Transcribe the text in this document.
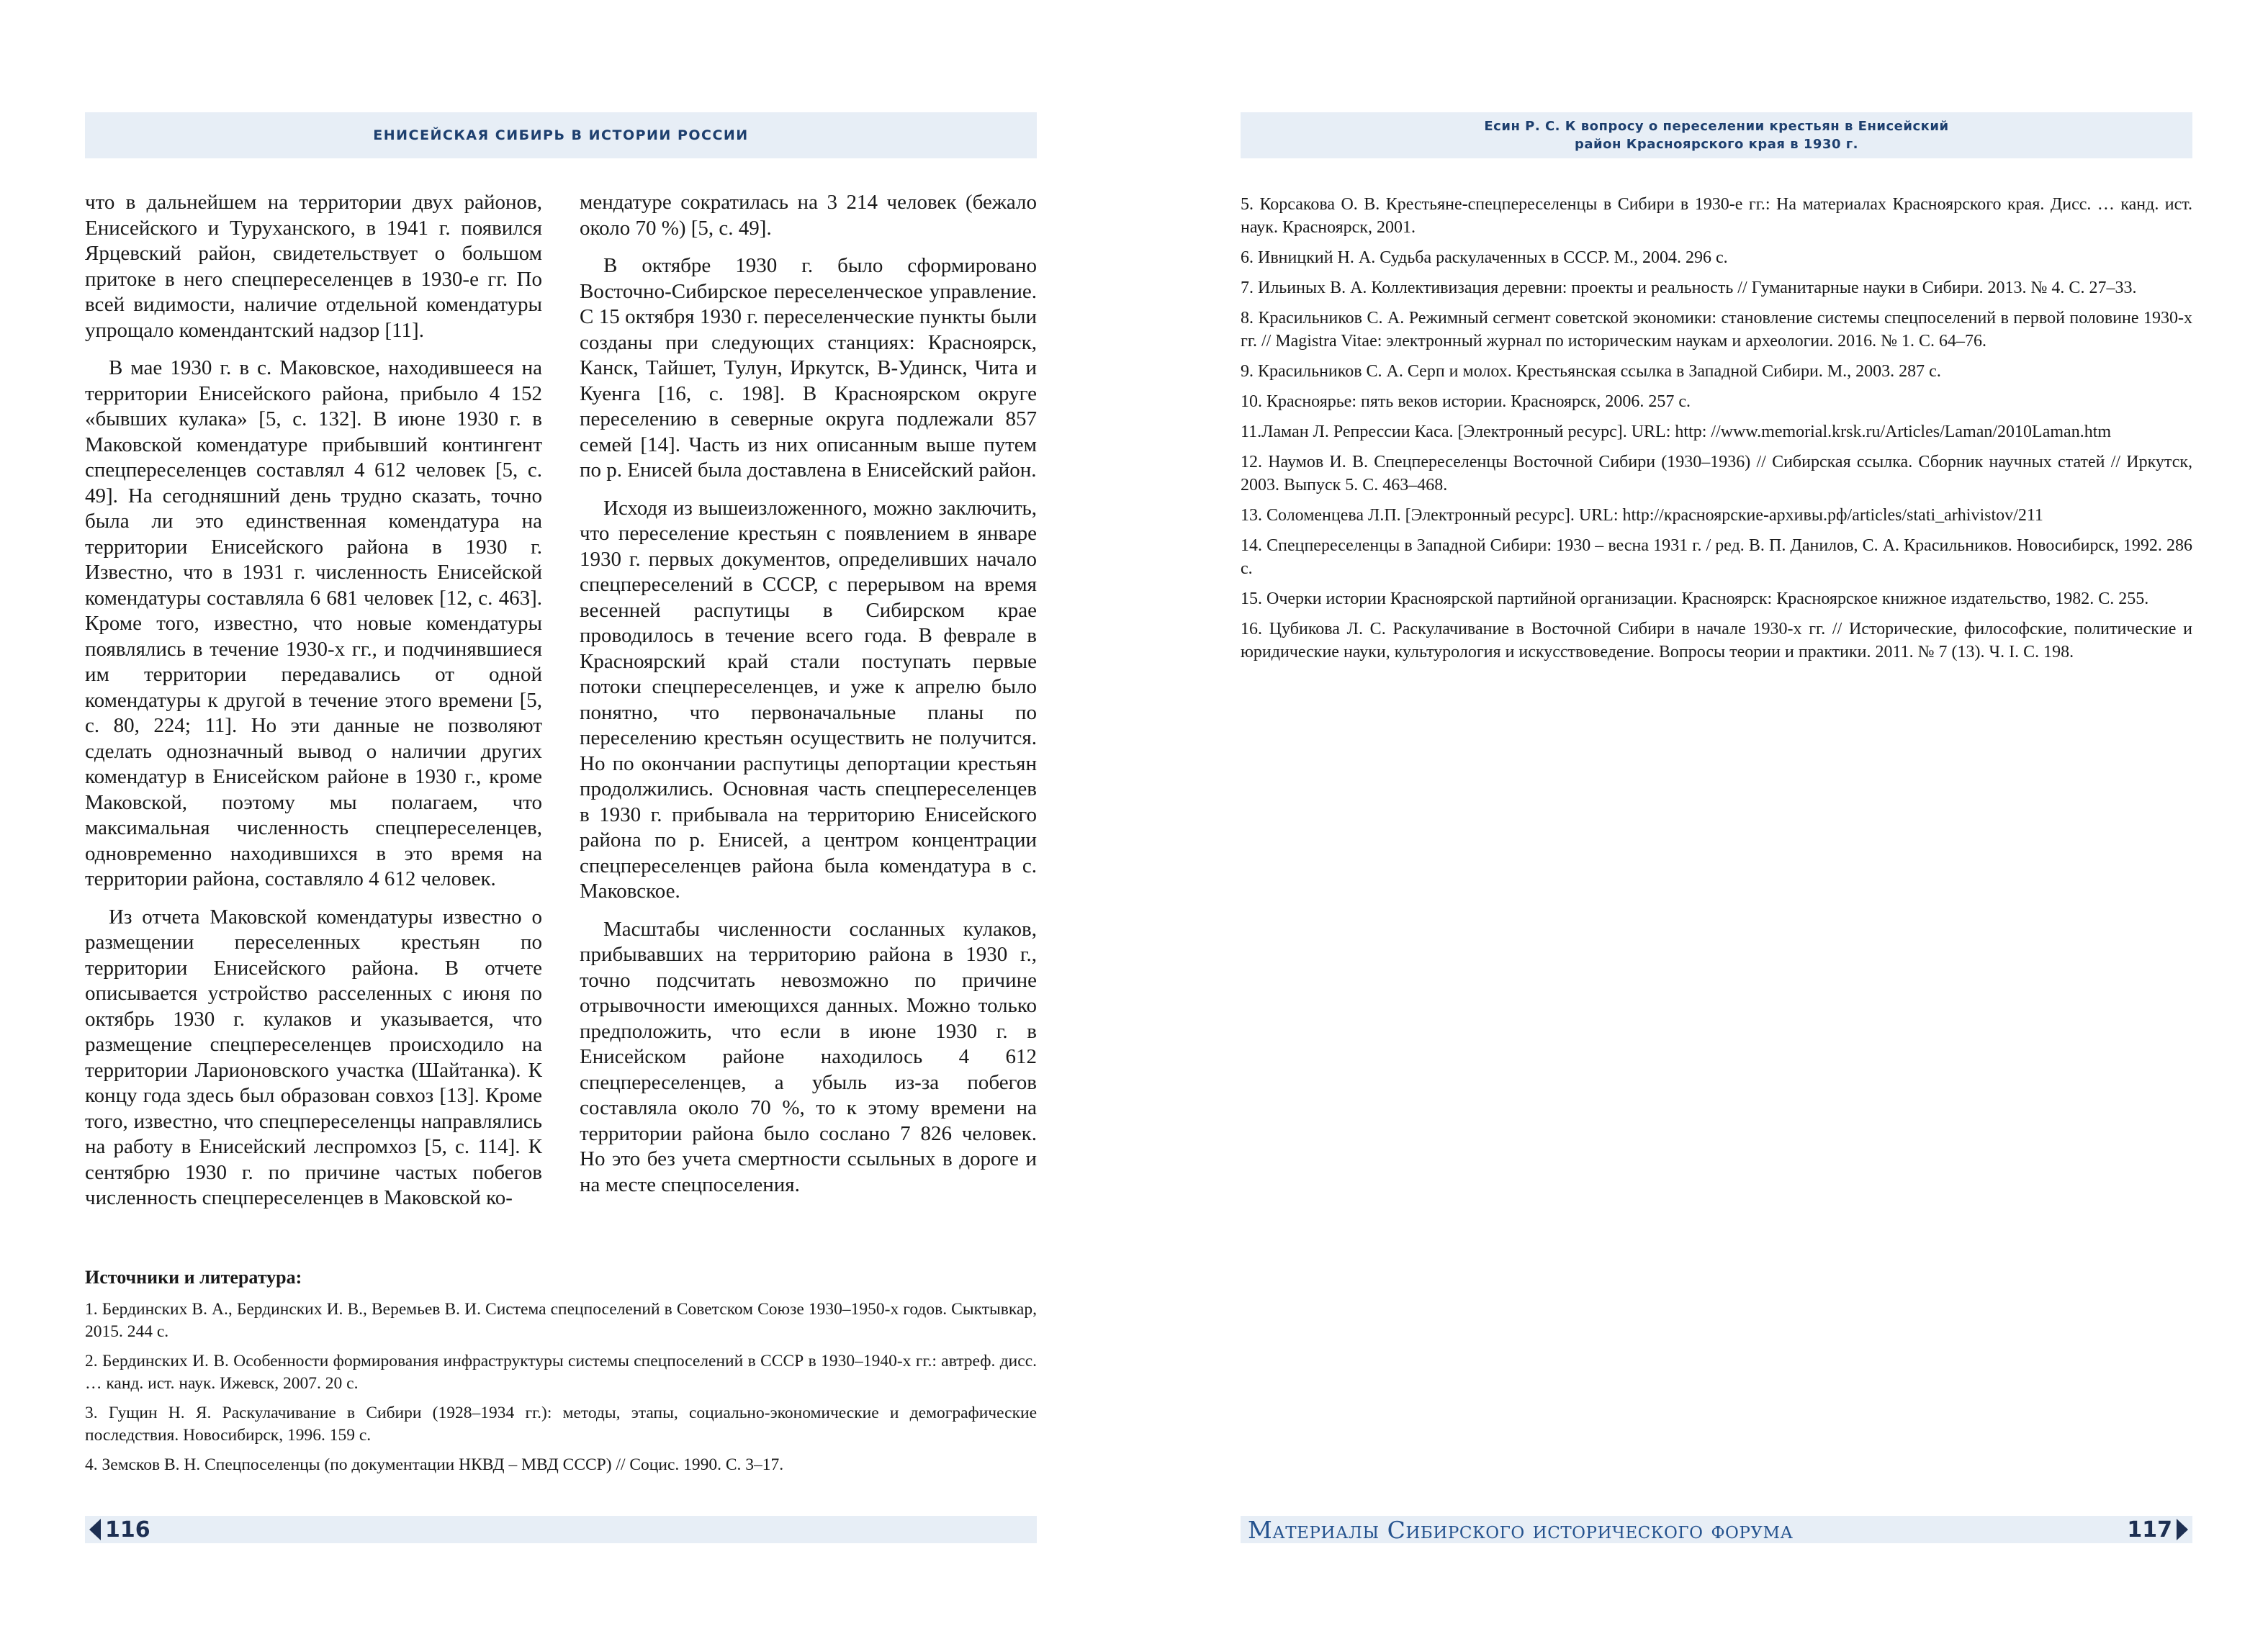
ЕНИСЕЙСКАЯ СИБИРЬ В ИСТОРИИ РОССИИ

что в дальнейшем на территории двух районов, Енисейского и Туруханского, в 1941 г. появился Ярцевский район, свидетельствует о большом притоке в него спецпереселенцев в 1930-е гг. По всей видимости, наличие отдельной комендатуры упрощало комендантский надзор [11].

В мае 1930 г. в с. Маковское, находившееся на территории Енисейского района, прибыло 4 152 «бывших кулака» [5, с. 132]. В июне 1930 г. в Маковской комендатуре прибывший контингент спецпереселенцев составлял 4 612 человек [5, с. 49]. На сегодняшний день трудно сказать, точно была ли это единственная комендатура на территории Енисейского района в 1930 г. Известно, что в 1931 г. численность Енисейской комендатуры составляла 6 681 человек [12, с. 463]. Кроме того, известно, что новые комендатуры появлялись в течение 1930-х гг., и подчинявшиеся им территории передавались от одной комендатуры к другой в течение этого времени [5, с. 80, 224; 11]. Но эти данные не позволяют сделать однозначный вывод о наличии других комендатур в Енисейском районе в 1930 г., кроме Маковской, поэтому мы полагаем, что максимальная численность спецпереселенцев, одновременно находившихся в это время на территории района, составляло 4 612 человек.

Из отчета Маковской комендатуры известно о размещении переселенных крестьян по территории Енисейского района. В отчете описывается устройство расселенных с июня по октябрь 1930 г. кулаков и указывается, что размещение спецпереселенцев происходило на территории Ларионовского участка (Шайтанка). К концу года здесь был образован совхоз [13]. Кроме того, известно, что спецпереселенцы направлялись на работу в Енисейский леспромхоз [5, с. 114]. К сентябрю 1930 г. по причине частых побегов численность спецпереселенцев в Маковской ко-

мендатуре сократилась на 3 214 человек (бежало около 70 %) [5, с. 49].

В октябре 1930 г. было сформировано Восточно-Сибирское переселенческое управление. С 15 октября 1930 г. переселенческие пункты были созданы при следующих станциях: Красноярск, Канск, Тайшет, Тулун, Иркутск, В-Удинск, Чита и Куенга [16, с. 198]. В Красноярском округе переселению в северные округа подлежали 857 семей [14]. Часть из них описанным выше путем по р. Енисей была доставлена в Енисейский район.

Исходя из вышеизложенного, можно заключить, что переселение крестьян с появлением в январе 1930 г. первых документов, определивших начало спецпереселений в СССР, с перерывом на время весенней распутицы в Сибирском крае проводилось в течение всего года. В феврале в Красноярский край стали поступать первые потоки спецпереселенцев, и уже к апрелю было понятно, что первоначальные планы по переселению крестьян осуществить не получится. Но по окончании распутицы депортации крестьян продолжились. Основная часть спецпереселенцев в 1930 г. прибывала на территорию Енисейского района по р. Енисей, а центром концентрации спецпереселенцев района была комендатура в с. Маковское.

Масштабы численности сосланных кулаков, прибывавших на территорию района в 1930 г., точно подсчитать невозможно по причине отрывочности имеющихся данных. Можно только предположить, что если в июне 1930 г. в Енисейском районе находилось 4 612 спецпереселенцев, а убыль из-за побегов составляла около 70 %, то к этому времени на территории района было сослано 7 826 человек. Но это без учета смертности ссыльных в дороге и на месте спецпоселения.

Источники и литература:
1. Бердинских В. А., Бердинских И. В., Веремьев В. И. Система спецпоселений в Советском Союзе 1930–1950-х годов. Сыктывкар, 2015. 244 с.
2. Бердинских И. В. Особенности формирования инфраструктуры системы спецпоселений в СССР в 1930–1940-х гг.: автреф. дисс. … канд. ист. наук. Ижевск, 2007. 20 с.
3. Гущин Н. Я. Раскулачивание в Сибири (1928–1934 гг.): методы, этапы, социально-экономические и демографические последствия. Новосибирск, 1996. 159 с.
4. Земсков В. Н. Спецпоселенцы (по документации НКВД – МВД СССР) // Социс. 1990. С. 3–17.
116
Есин Р. С. К вопросу о переселении крестьян в Енисейский
район Красноярского края в 1930 г.
5. Корсакова О. В. Крестьяне-спецпереселенцы в Сибири в 1930-е гг.: На материалах Красноярского края. Дисс. … канд. ист. наук. Красноярск, 2001.
6. Ивницкий Н. А. Судьба раскулаченных в СССР. М., 2004. 296 с.
7. Ильиных В. А. Коллективизация деревни: проекты и реальность // Гуманитарные науки в Сибири. 2013. № 4. С. 27–33.
8. Красильников С. А. Режимный сегмент советской экономики: становление системы спецпоселений в первой половине 1930-х гг. // Magistra Vitae: электронный журнал по историческим наукам и археологии. 2016. № 1. С. 64–76.
9. Красильников С. А. Серп и молох. Крестьянская ссылка в Западной Сибири. М., 2003. 287 с.
10. Красноярье: пять веков истории. Красноярск, 2006. 257 с.
11.Ламан Л. Репрессии Каса. [Электронный ресурс]. URL: http: //www.memorial.krsk.ru/Articles/Laman/2010Laman.htm
12. Наумов И. В. Спецпереселенцы Восточной Сибири (1930–1936) // Сибирская ссылка. Сборник научных статей // Иркутск, 2003. Выпуск 5. С. 463–468.
13. Соломенцева Л.П. [Электронный ресурс]. URL: http://красноярские-архивы.рф/articles/stati_arhivistov/211
14. Спецпереселенцы в Западной Сибири: 1930 – весна 1931 г. / ред. В. П. Данилов, С. А. Красильников. Новосибирск, 1992. 286 с.
15. Очерки истории Красноярской партийной организации. Красноярск: Красноярское книжное издательство, 1982. С. 255.
16. Цубикова Л. С. Раскулачивание в Восточной Сибири в начале 1930-х гг. // Исторические, философские, политические и юридические науки, культурология и искусствоведение. Вопросы теории и практики. 2011. № 7 (13). Ч. I. С. 198.
Материалы Сибирского исторического форума	117
